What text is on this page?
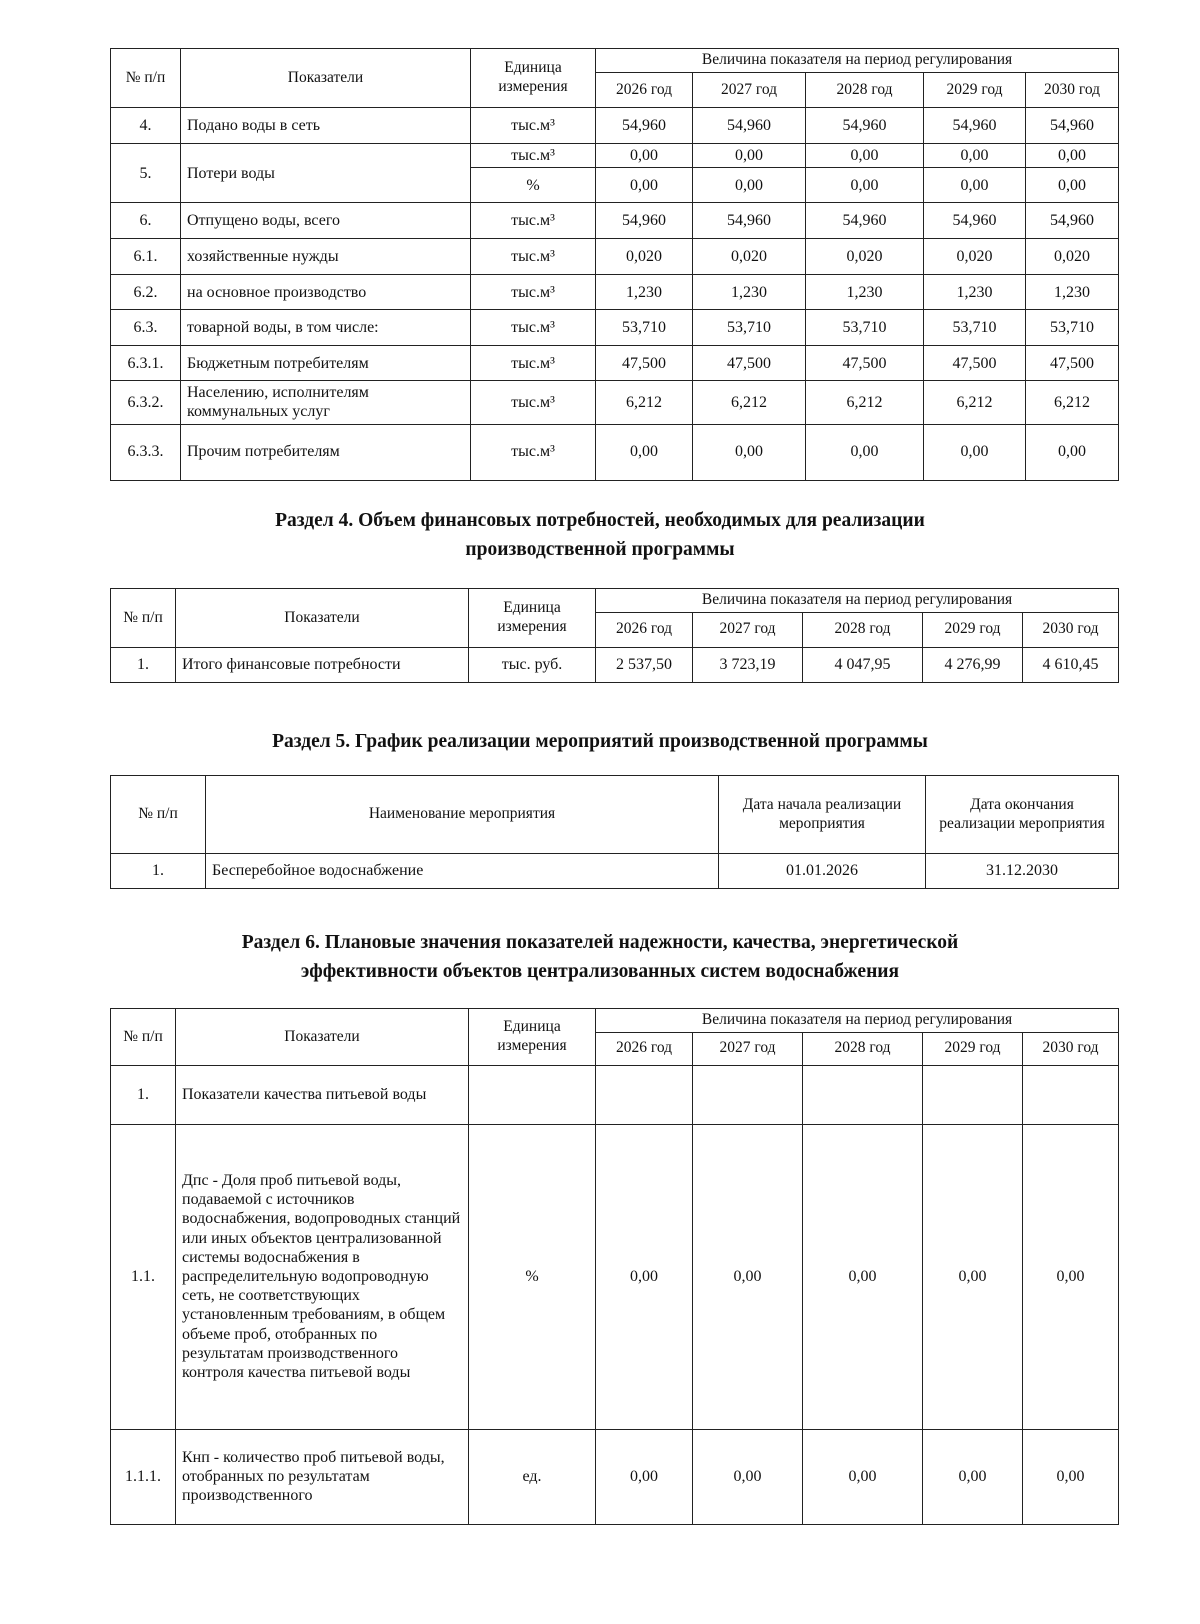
№ п/п	Показатели	Единица измерения	Величина показателя на период регулирования				
			2026 год	2027 год	2028 год	2029 год	2030 год
4.	Подано воды в сеть	тыс.м³	54,960	54,960	54,960	54,960	54,960
5.	Потери воды	тыс.м³	0,00	0,00	0,00	0,00	0,00
		%	0,00	0,00	0,00	0,00	0,00
6.	Отпущено воды, всего	тыс.м³	54,960	54,960	54,960	54,960	54,960
6.1.	хозяйственные нужды	тыс.м³	0,020	0,020	0,020	0,020	0,020
6.2.	на основное производство	тыс.м³	1,230	1,230	1,230	1,230	1,230
6.3.	товарной воды, в том числе:	тыс.м³	53,710	53,710	53,710	53,710	53,710
6.3.1.	Бюджетным потребителям	тыс.м³	47,500	47,500	47,500	47,500	47,500
6.3.2.	Населению, исполнителям коммунальных услуг	тыс.м³	6,212	6,212	6,212	6,212	6,212
6.3.3.	Прочим потребителям	тыс.м³	0,00	0,00	0,00	0,00	0,00
Раздел 4. Объем финансовых потребностей, необходимых для реализации
производственной программы
№ п/п	Показатели	Единица измерения	Величина показателя на период регулирования				
			2026 год	2027 год	2028 год	2029 год	2030 год
1.	Итого финансовые потребности	тыс. руб.	2 537,50	3 723,19	4 047,95	4 276,99	4 610,45
Раздел 5. График реализации мероприятий производственной программы
№ п/п	Наименование мероприятия	Дата начала реализации мероприятия	Дата окончания реализации мероприятия
1.	Бесперебойное водоснабжение	01.01.2026	31.12.2030
Раздел 6. Плановые значения показателей надежности, качества, энергетической
эффективности объектов централизованных систем водоснабжения
№ п/п	Показатели	Единица измерения	Величина показателя на период регулирования				
			2026 год	2027 год	2028 год	2029 год	2030 год
1.	Показатели качества питьевой воды						
1.1.	Дпс - Доля проб питьевой воды, подаваемой с источников водоснабжения, водопроводных станций или иных объектов централизованной системы водоснабжения в распределительную водопроводную сеть, не соответствующих установленным требованиям, в общем объеме проб, отобранных по результатам производственного контроля качества питьевой воды	%	0,00	0,00	0,00	0,00	0,00
1.1.1.	Кнп - количество проб питьевой воды, отобранных по результатам производственного	ед.	0,00	0,00	0,00	0,00	0,00
